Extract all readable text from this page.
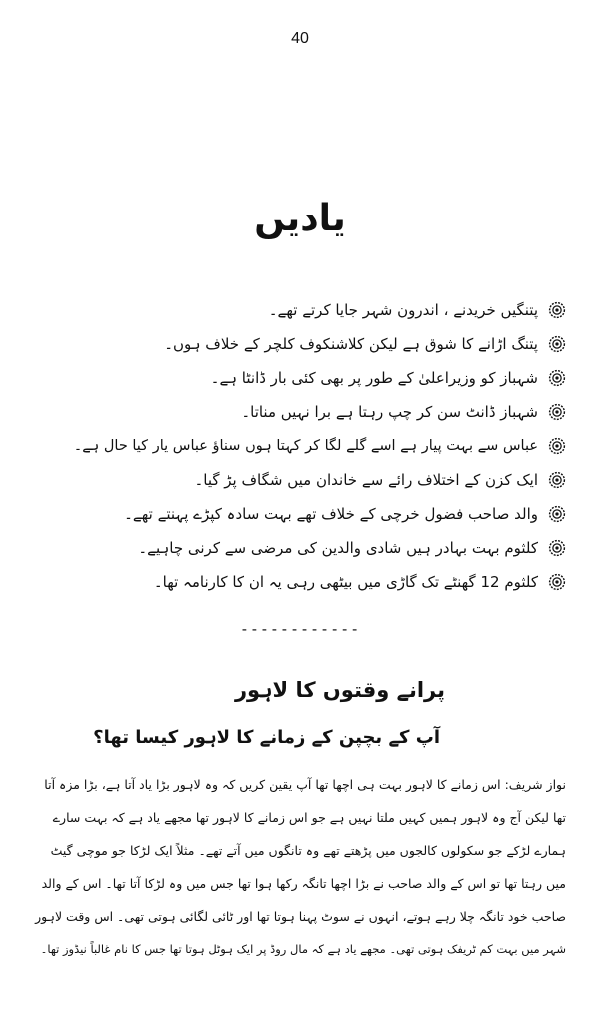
40
یادیں
پتنگیں خریدنے ، اندرون شہر جایا کرتے تھے۔
پتنگ اڑانے کا شوق ہے لیکن کلاشنکوف کلچر کے خلاف ہوں۔
شہباز کو وزیراعلیٰ کے طور پر بھی کئی بار ڈانٹا ہے۔
شہباز ڈانٹ سن کر چپ رہتا ہے برا نہیں مناتا۔
عباس سے بہت پیار ہے اسے گلے لگا کر کہتا ہوں سناؤ عباس یار کیا حال ہے۔
ایک کزن کے اختلاف رائے سے خاندان میں شگاف پڑ گیا۔
والد صاحب فضول خرچی کے خلاف تھے بہت سادہ کپڑے پہنتے تھے۔
کلثوم بہت بہادر ہیں شادی والدین کی مرضی سے کرنی چاہیے۔
کلثوم 12 گھنٹے تک گاڑی میں بیٹھی رہی یہ ان کا کارنامہ تھا۔
------------
پرانے وقتوں کا لاہور
آپ کے بچپن کے زمانے کا لاہور کیسا تھا؟

نواز شریف: اس زمانے کا لاہور بہت ہی اچھا تھا آپ یقین کریں کہ وہ لاہور بڑا یاد آتا ہے، بڑا مزہ آتا
تھا لیکن آج وہ لاہور ہمیں کہیں ملتا نہیں ہے جو اس زمانے کا لاہور تھا مجھے یاد ہے کہ بہت سارے
ہمارے لڑکے جو سکولوں کالجوں میں پڑھتے تھے وہ تانگوں میں آتے تھے۔ مثلاً ایک لڑکا جو موچی گیٹ
میں رہتا تھا تو اس کے والد صاحب نے بڑا اچھا تانگہ رکھا ہوا تھا جس میں وہ لڑکا آتا تھا۔ اس کے والد
صاحب خود تانگہ چلا رہے ہوتے، انہوں نے سوٹ پہنا ہوتا تھا اور ٹائی لگائی ہوتی تھی۔ اس وقت لاہور
شہر میں بہت کم ٹریفک ہوتی تھی۔ مجھے یاد ہے کہ مال روڈ پر ایک ہوٹل ہوتا تھا جس کا نام غالباً نیڈوز تھا۔
